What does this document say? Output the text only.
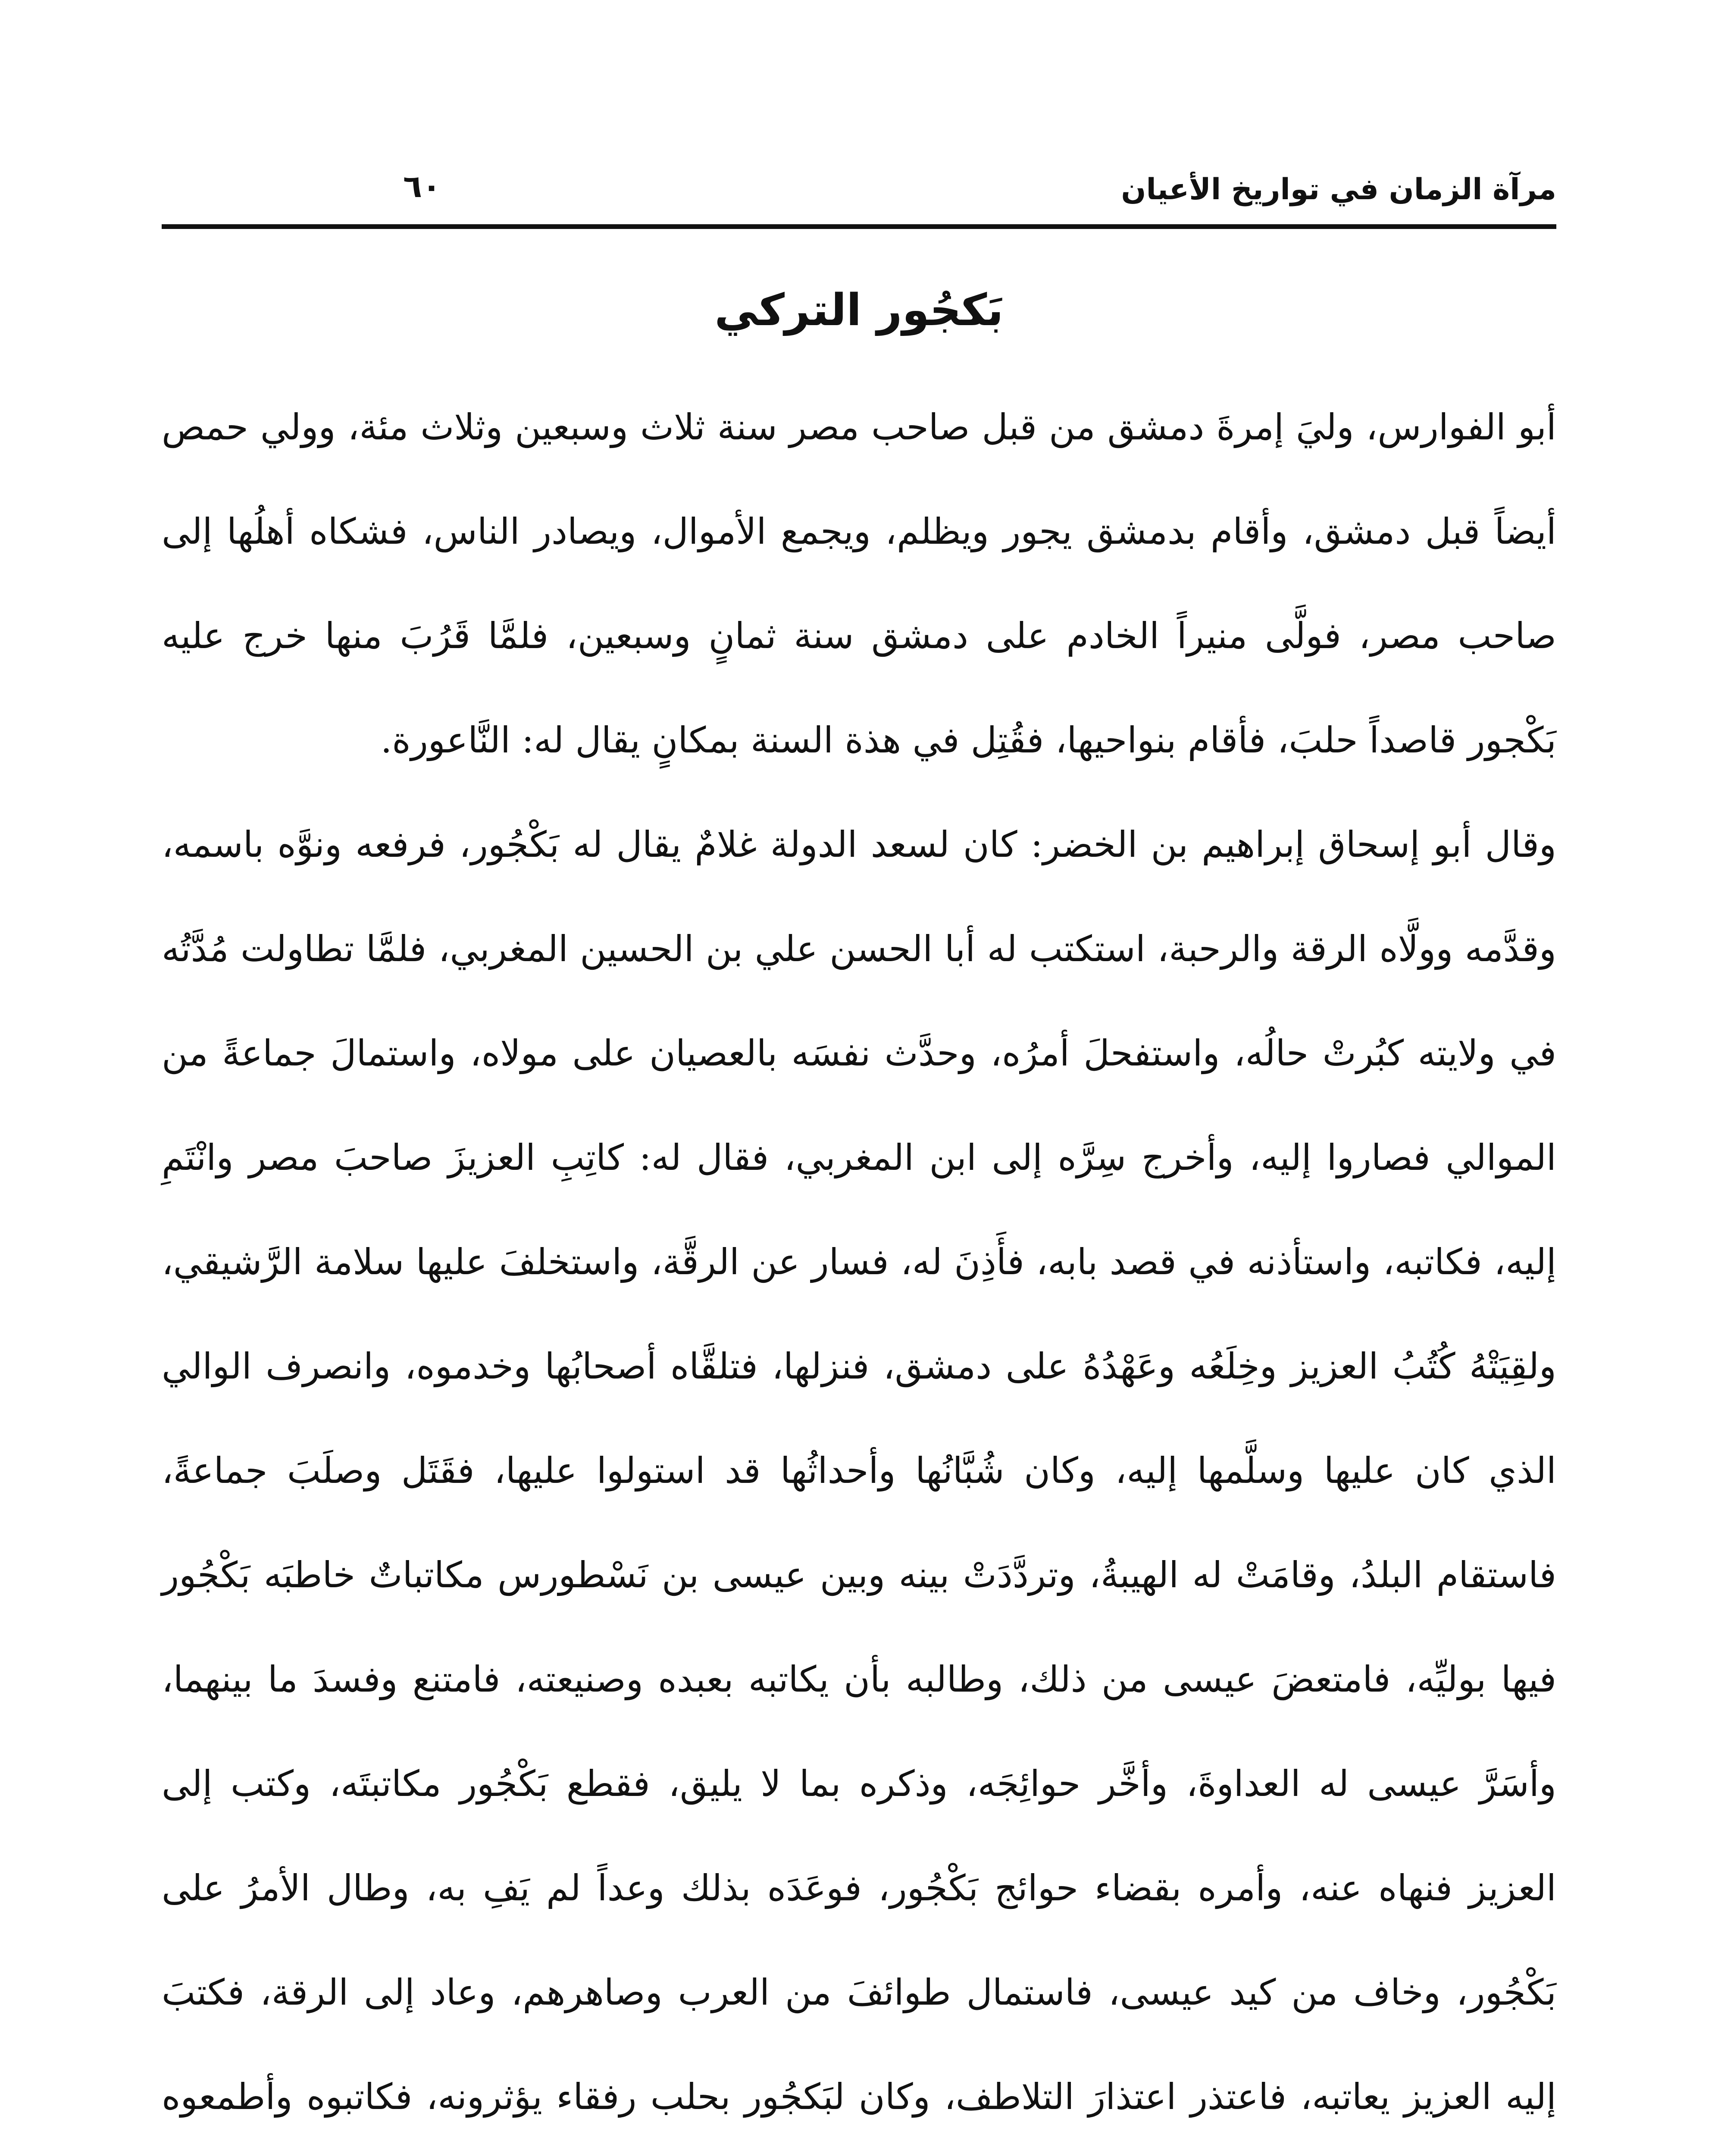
مرآة الزمان في تواريخ الأعيان
٦٠
بَكجُور التركي

أبو الفوارس، وليَ إمرةَ دمشق من قبل صاحب مصر سنة ثلاث وسبعين وثلاث مئة، وولي حمص أيضاً قبل دمشق، وأقام بدمشق يجور ويظلم، ويجمع الأموال، ويصادر الناس، فشكاه أهلُها إلى صاحب مصر، فولَّى منيراً الخادم على دمشق سنة ثمانٍ وسبعين، فلمَّا قَرُبَ منها خرج عليه بَكْجور قاصداً حلبَ، فأقام بنواحيها، فقُتِل في هذة السنة بمكانٍ يقال له: النَّاعورة.

وقال أبو إسحاق إبراهيم بن الخضر: كان لسعد الدولة غلامٌ يقال له بَكْجُور، فرفعه ونوَّه باسمه، وقدَّمه وولَّاه الرقة والرحبة، استكتب له أبا الحسن علي بن الحسين المغربي، فلمَّا تطاولت مُدَّتُه في ولايته كبُرتْ حالُه، واستفحلَ أمرُه، وحدَّث نفسَه بالعصيان على مولاه، واستمالَ جماعةً من الموالي فصاروا إليه، وأخرج سِرَّه إلى ابن المغربي، فقال له: كاتِبِ العزيزَ صاحبَ مصر وانْتَمِ إليه، فكاتبه، واستأذنه في قصد بابه، فأَذِنَ له، فسار عن الرقَّة، واستخلفَ عليها سلامة الرَّشيقي، ولقِيَتْهُ كُتُبُ العزيز وخِلَعُه وعَهْدُهُ على دمشق، فنزلها، فتلقَّاه أصحابُها وخدموه، وانصرف الوالي الذي كان عليها وسلَّمها إليه، وكان شُبَّانُها وأحداثُها قد استولوا عليها، فقَتَل وصلَبَ جماعةً، فاستقام البلدُ، وقامَتْ له الهيبةُ، وتردَّدَتْ بينه وبين عيسى بن نَسْطورس مكاتباتٌ خاطبَه بَكْجُور فيها بوليِّه، فامتعضَ عيسى من ذلك، وطالبه بأن يكاتبه بعبده وصنيعته، فامتنع وفسدَ ما بينهما، وأسَرَّ عيسى له العداوةَ، وأخَّر حوائِجَه، وذكره بما لا يليق، فقطع بَكْجُور مكاتبتَه، وكتب إلى العزيز فنهاه عنه، وأمره بقضاء حوائج بَكْجُور، فوعَدَه بذلك وعداً لم يَفِ به، وطال الأمرُ على بَكْجُور، وخاف من كيد عيسى، فاستمال طوائفَ من العرب وصاهرهم، وعاد إلى الرقة، فكتبَ إليه العزيز يعاتبه، فاعتذر اعتذارَ التلاطف، وكان لبَكجُور بحلب رفقاء يؤثرونه، فكاتبوه وأطمعوه
